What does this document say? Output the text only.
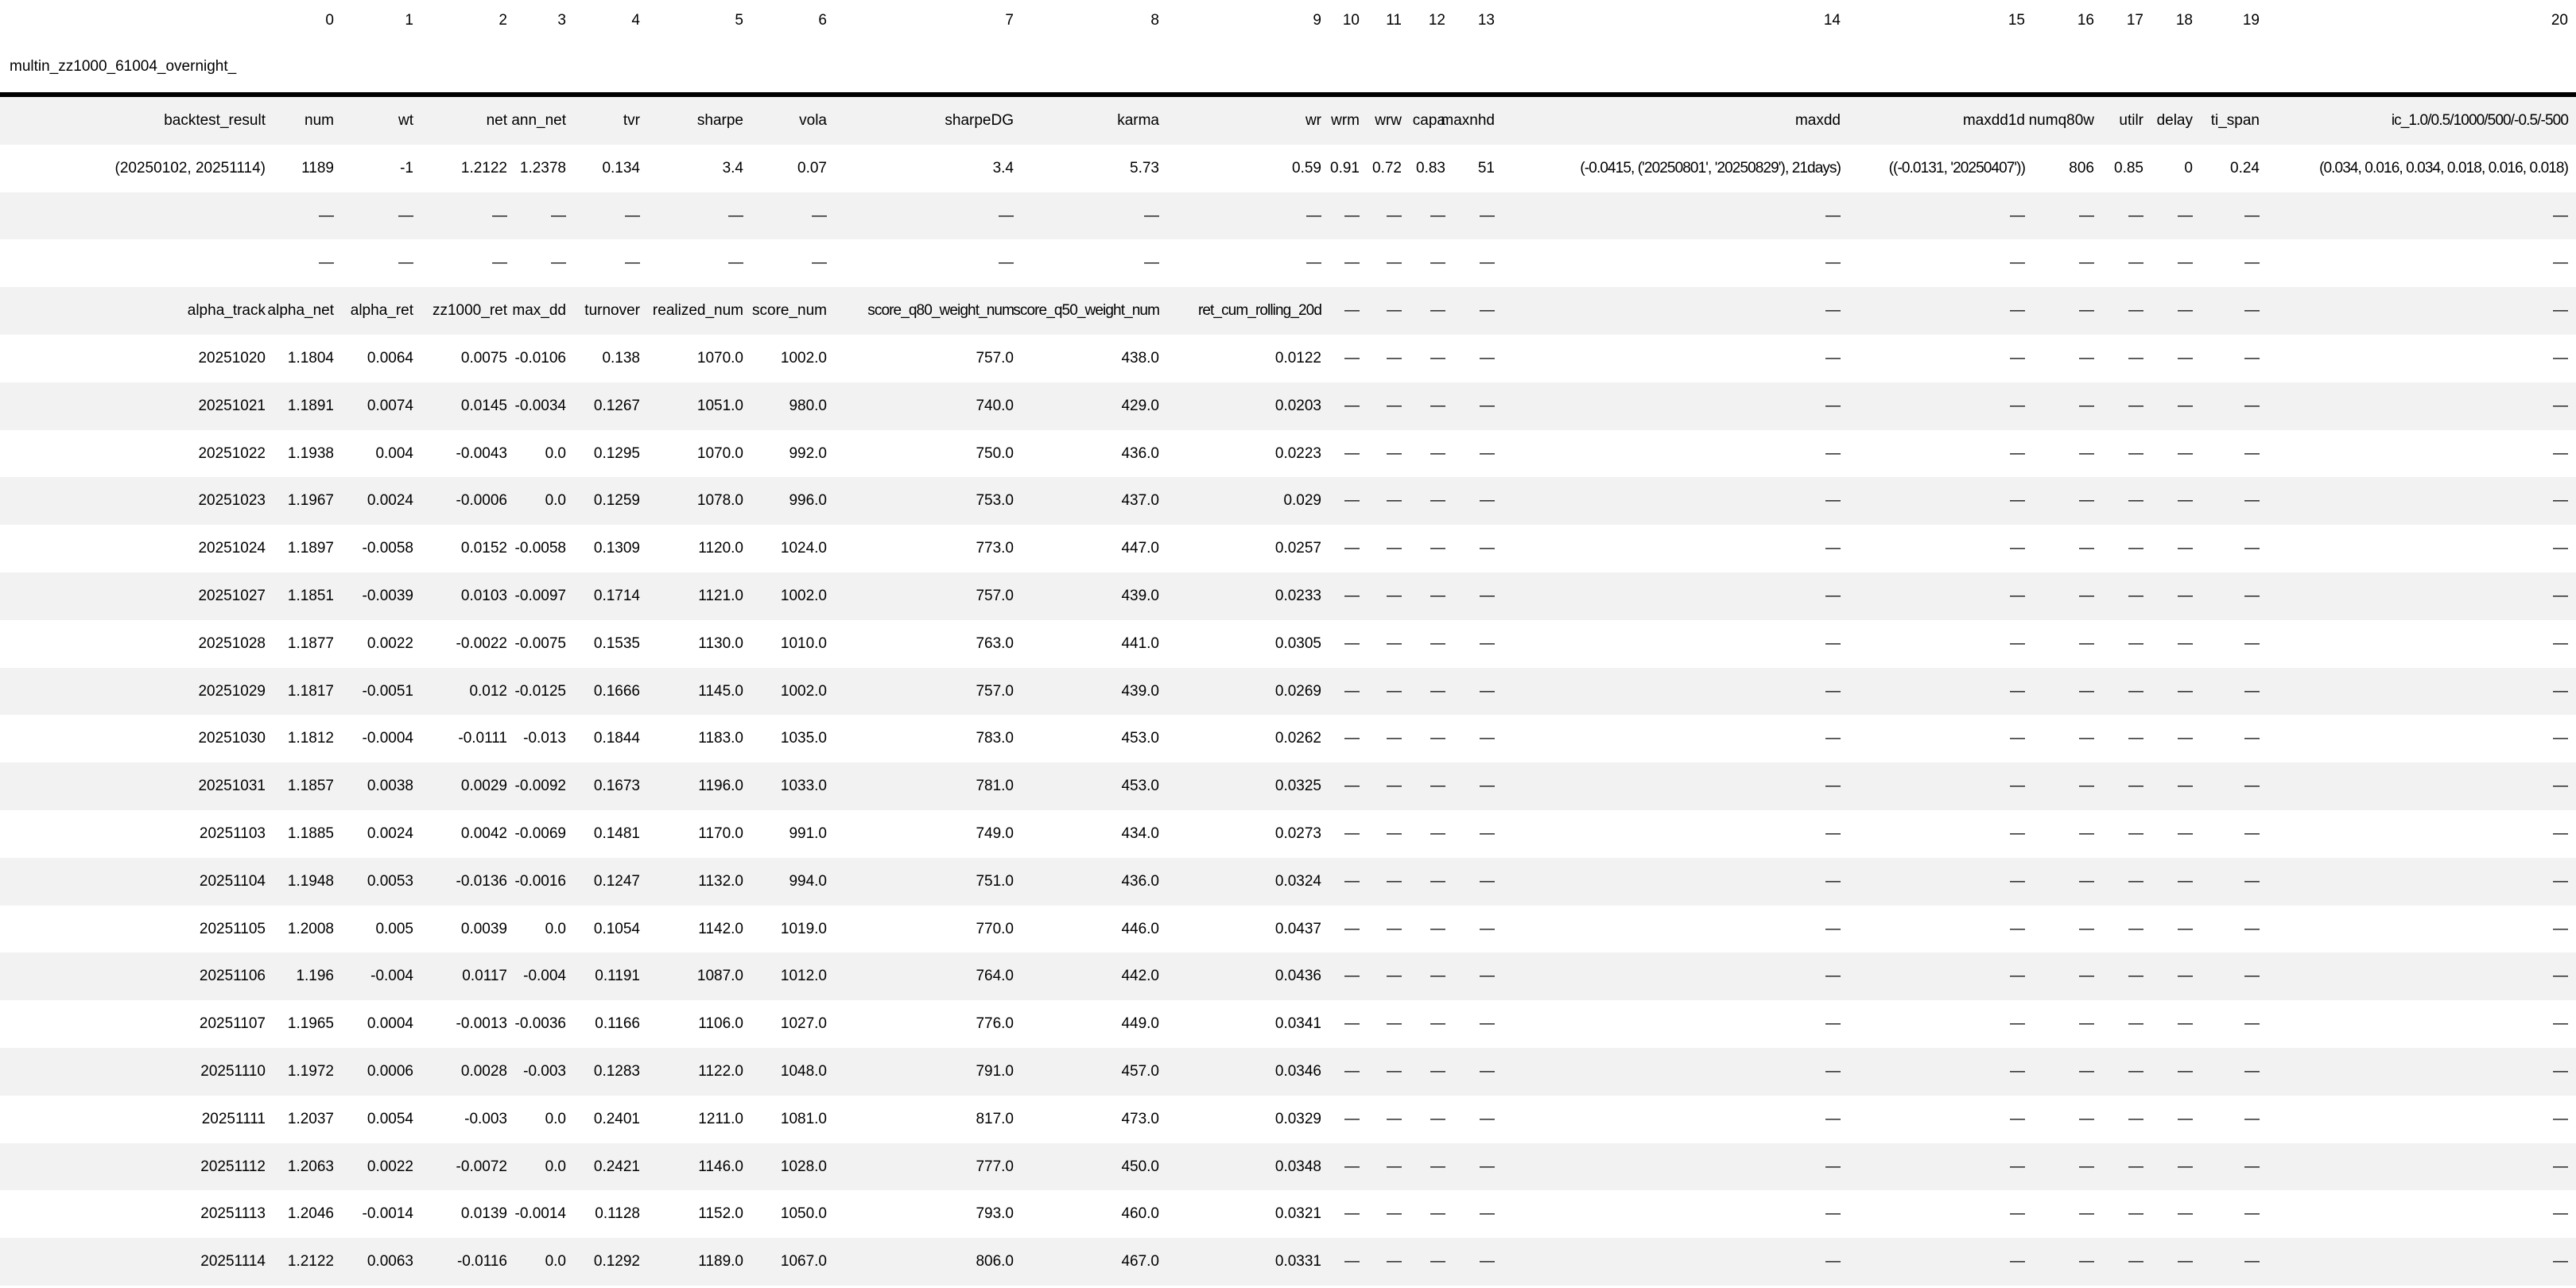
	0	1	2	3	4	5	6	7	8	9	10	11	12	13	14	15	16	17	18	19	20
multin_zz1000_61004_overnight_																					

backtest_result	num	wt	net	ann_net	tvr	sharpe	vola	sharpeDG	karma	wr	wrm	wrw	capa	maxnhd	maxdd	maxdd1d	numq80w	utilr	delay	ti_span	ic_1.0/0.5/1000/500/-0.5/-500

(20250102, 20251114)	1189	-1	1.2122	1.2378	0.134	3.4	0.07	3.4	5.73	0.59	0.91	0.72	0.83	51	(-0.0415, ('20250801', '20250829'), 21days)	((-0.0131, '20250407'))	806	0.85	0	0.24	(0.034, 0.016, 0.034, 0.018, 0.016, 0.018)

	—	—	—	—	—	—	—	—	—	—	—	—	—	—	—	—	—	—	—	—	—

	—	—	—	—	—	—	—	—	—	—	—	—	—	—	—	—	—	—	—	—	—

alpha_track	alpha_net	alpha_ret	zz1000_ret	max_dd	turnover	realized_num	score_num	score_q80_weight_num	score_q50_weight_num	ret_cum_rolling_20d	—	—	—	—	—	—	—	—	—	—	—

20251020	1.1804	0.0064	0.0075	-0.0106	0.138	1070.0	1002.0	757.0	438.0	0.0122	—	—	—	—	—	—	—	—	—	—	—

20251021	1.1891	0.0074	0.0145	-0.0034	0.1267	1051.0	980.0	740.0	429.0	0.0203	—	—	—	—	—	—	—	—	—	—	—

20251022	1.1938	0.004	-0.0043	0.0	0.1295	1070.0	992.0	750.0	436.0	0.0223	—	—	—	—	—	—	—	—	—	—	—

20251023	1.1967	0.0024	-0.0006	0.0	0.1259	1078.0	996.0	753.0	437.0	0.029	—	—	—	—	—	—	—	—	—	—	—

20251024	1.1897	-0.0058	0.0152	-0.0058	0.1309	1120.0	1024.0	773.0	447.0	0.0257	—	—	—	—	—	—	—	—	—	—	—

20251027	1.1851	-0.0039	0.0103	-0.0097	0.1714	1121.0	1002.0	757.0	439.0	0.0233	—	—	—	—	—	—	—	—	—	—	—

20251028	1.1877	0.0022	-0.0022	-0.0075	0.1535	1130.0	1010.0	763.0	441.0	0.0305	—	—	—	—	—	—	—	—	—	—	—

20251029	1.1817	-0.0051	0.012	-0.0125	0.1666	1145.0	1002.0	757.0	439.0	0.0269	—	—	—	—	—	—	—	—	—	—	—

20251030	1.1812	-0.0004	-0.0111	-0.013	0.1844	1183.0	1035.0	783.0	453.0	0.0262	—	—	—	—	—	—	—	—	—	—	—

20251031	1.1857	0.0038	0.0029	-0.0092	0.1673	1196.0	1033.0	781.0	453.0	0.0325	—	—	—	—	—	—	—	—	—	—	—

20251103	1.1885	0.0024	0.0042	-0.0069	0.1481	1170.0	991.0	749.0	434.0	0.0273	—	—	—	—	—	—	—	—	—	—	—

20251104	1.1948	0.0053	-0.0136	-0.0016	0.1247	1132.0	994.0	751.0	436.0	0.0324	—	—	—	—	—	—	—	—	—	—	—

20251105	1.2008	0.005	0.0039	0.0	0.1054	1142.0	1019.0	770.0	446.0	0.0437	—	—	—	—	—	—	—	—	—	—	—

20251106	1.196	-0.004	0.0117	-0.004	0.1191	1087.0	1012.0	764.0	442.0	0.0436	—	—	—	—	—	—	—	—	—	—	—

20251107	1.1965	0.0004	-0.0013	-0.0036	0.1166	1106.0	1027.0	776.0	449.0	0.0341	—	—	—	—	—	—	—	—	—	—	—

20251110	1.1972	0.0006	0.0028	-0.003	0.1283	1122.0	1048.0	791.0	457.0	0.0346	—	—	—	—	—	—	—	—	—	—	—

20251111	1.2037	0.0054	-0.003	0.0	0.2401	1211.0	1081.0	817.0	473.0	0.0329	—	—	—	—	—	—	—	—	—	—	—

20251112	1.2063	0.0022	-0.0072	0.0	0.2421	1146.0	1028.0	777.0	450.0	0.0348	—	—	—	—	—	—	—	—	—	—	—

20251113	1.2046	-0.0014	0.0139	-0.0014	0.1128	1152.0	1050.0	793.0	460.0	0.0321	—	—	—	—	—	—	—	—	—	—	—

20251114	1.2122	0.0063	-0.0116	0.0	0.1292	1189.0	1067.0	806.0	467.0	0.0331	—	—	—	—	—	—	—	—	—	—	—
